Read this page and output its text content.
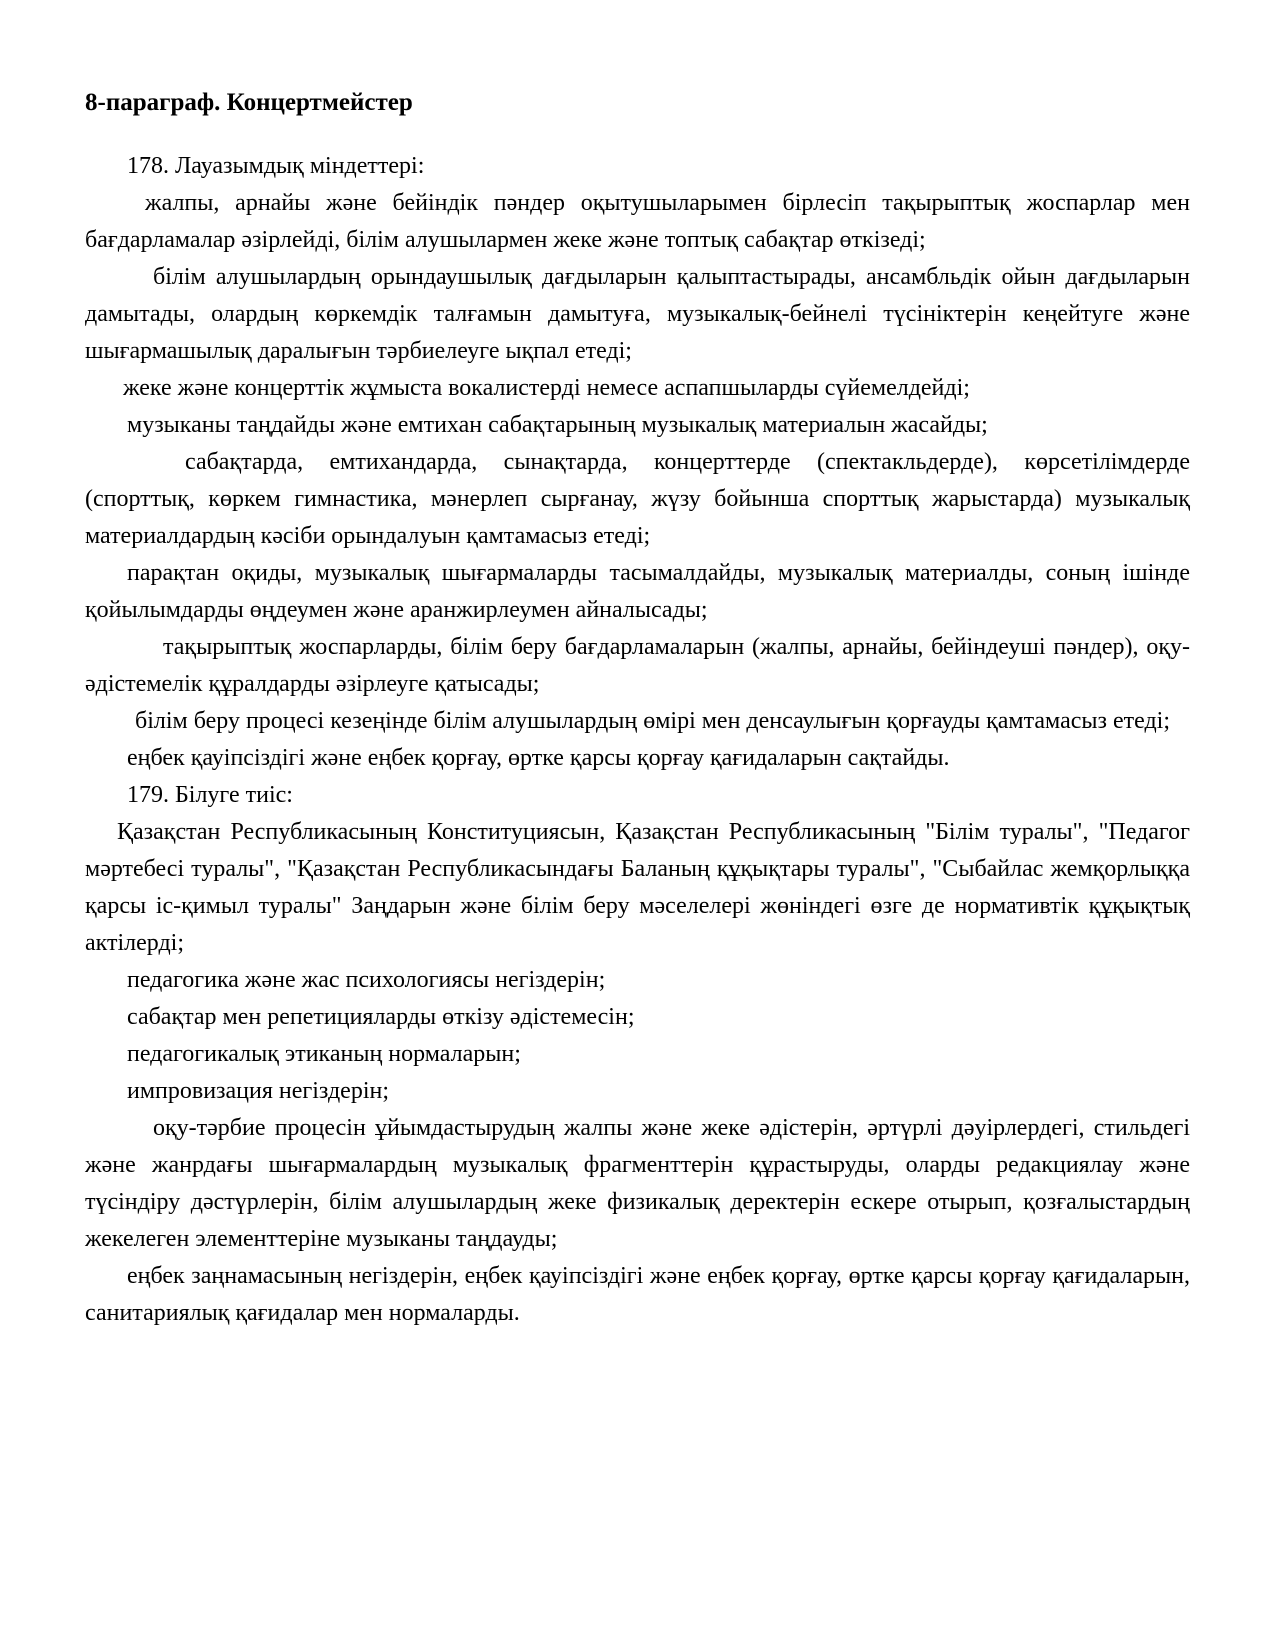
8-параграф. Концертмейстер

178. Лауазымдық міндеттері:

жалпы, арнайы және бейіндік пәндер оқытушыларымен бірлесіп тақырыптық жоспарлар мен бағдарламалар әзірлейді, білім алушылармен жеке және топтық сабақтар өткізеді;

білім алушылардың орындаушылық дағдыларын қалыптастырады, ансамбльдік ойын дағдыларын дамытады, олардың көркемдік талғамын дамытуға, музыкалық-бейнелі түсініктерін кеңейтуге және шығармашылық даралығын тәрбиелеуге ықпал етеді;

жеке және концерттік жұмыста вокалистерді немесе аспапшыларды сүйемелдейді;

музыканы таңдайды және емтихан сабақтарының музыкалық материалын жасайды;

сабақтарда, емтихандарда, сынақтарда, концерттерде (спектакльдерде), көрсетілімдерде (спорттық, көркем гимнастика, мәнерлеп сырғанау, жүзу бойынша спорттық жарыстарда) музыкалық материалдардың кәсіби орындалуын қамтамасыз етеді;

парақтан оқиды, музыкалық шығармаларды тасымалдайды, музыкалық материалды, соның ішінде қойылымдарды өңдеумен және аранжирлеумен айналысады;

тақырыптық жоспарларды, білім беру бағдарламаларын (жалпы, арнайы, бейіндеуші пәндер), оқу-әдістемелік құралдарды әзірлеуге қатысады;

білім беру процесі кезеңінде білім алушылардың өмірі мен денсаулығын қорғауды қамтамасыз етеді;

еңбек қауіпсіздігі және еңбек қорғау, өртке қарсы қорғау қағидаларын сақтайды.

179. Білуге тиіс:

Қазақстан Республикасының Конституциясын, Қазақстан Республикасының "Білім туралы", "Педагог мәртебесі туралы", "Қазақстан Республикасындағы Баланың құқықтары туралы", "Сыбайлас жемқорлыққа қарсы іс-қимыл туралы" Заңдарын және білім беру мәселелері жөніндегі өзге де нормативтік құқықтық актілерді;

педагогика және жас психологиясы негіздерін;

сабақтар мен репетицияларды өткізу әдістемесін;

педагогикалық этиканың нормаларын;

импровизация негіздерін;

оқу-тәрбие процесін ұйымдастырудың жалпы және жеке әдістерін, әртүрлі дәуірлердегі, стильдегі және жанрдағы шығармалардың музыкалық фрагменттерін құрастыруды, оларды редакциялау және түсіндіру дәстүрлерін, білім алушылардың жеке физикалық деректерін ескере отырып, қозғалыстардың жекелеген элементтеріне музыканы таңдауды;

еңбек заңнамасының негіздерін, еңбек қауіпсіздігі және еңбек қорғау, өртке қарсы қорғау қағидаларын, санитариялық қағидалар мен нормаларды.
